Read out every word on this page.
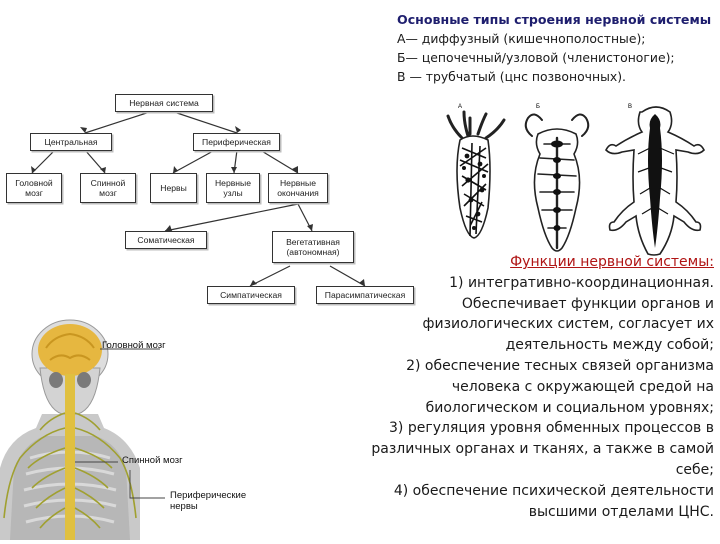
Основные типы строения нервной системы
А— диффузный (кишечнополостные);
Б— цепочечный/узловой (членистоногие);
В — трубчатый (цнс позвоночных).
Нервная система
Центральная	Периферическая
Головной мозг
Спинной мозг	Нервы	Нервные узлы
Нервные окончания
Соматическая	Вегетативная (автономная)
Симпатическая	Парасимпатическая
А	Б	В
Головной мозг
Спинной мозг
Периферические нервы

Функции нервной системы:

1) интегративно-координационная.

Обеспечивает функции органов и

физиологических систем, согласует их

деятельность между собой;

2) обеспечение тесных связей организма

человека с окружающей средой на

биологическом и социальном уровнях;

3) регуляция уровня обменных процессов в

различных органах и тканях, а также в самой

себе;

4) обеспечение психической деятельности

высшими отделами ЦНС.
